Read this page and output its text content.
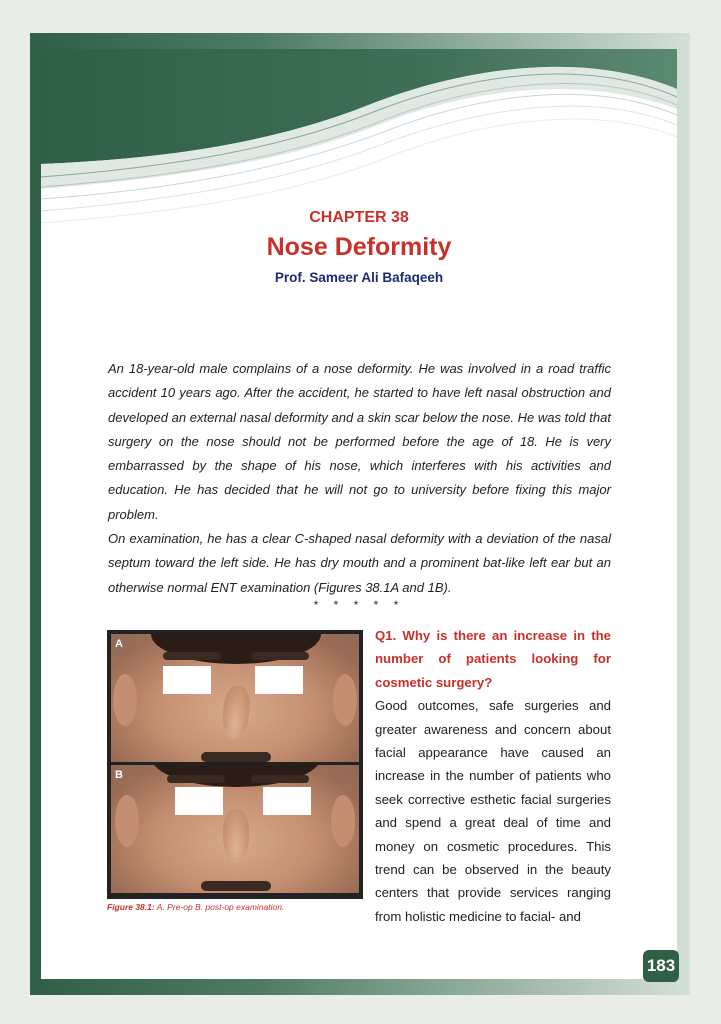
CHAPTER 38
Nose Deformity
Prof. Sameer Ali Bafaqeeh

An 18-year-old male complains of a nose deformity. He was involved in a road traffic accident 10 years ago. After the accident, he started to have left nasal obstruction and developed an external nasal deformity and a skin scar below the nose. He was told that surgery on the nose should not be performed before the age of 18. He is very embarrassed by the shape of his nose, which interferes with his activities and education. He has decided that he will not go to university before fixing this major problem.

On examination, he has a clear C-shaped nasal deformity with a deviation of the nasal septum toward the left side. He has dry mouth and a prominent bat-like left ear but an otherwise normal ENT examination (Figures 38.1A and 1B).

* * * * *
A
B
Figure 38.1: A. Pre-op B. post-op examination.

Q1. Why is there an increase in the number of patients looking for cosmetic surgery?

Good outcomes, safe surgeries and greater awareness and concern about facial appearance have caused an increase in the number of patients who seek corrective esthetic facial surgeries and spend a great deal of time and money on cosmetic procedures. This trend can be observed in the beauty centers that provide services ranging from holistic medicine to facial- and

183
